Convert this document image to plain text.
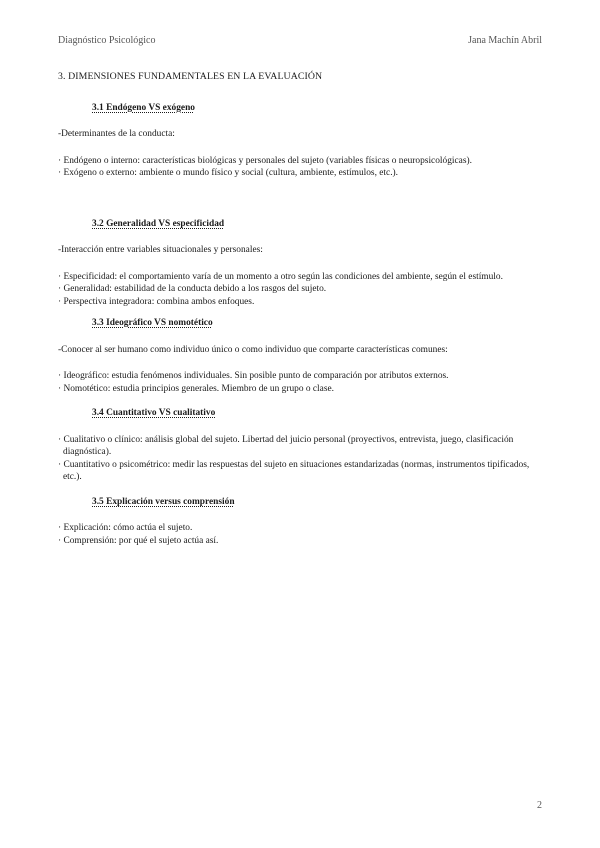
Diagnóstico Psicológico	Jana Machín Abril
3. DIMENSIONES FUNDAMENTALES EN LA EVALUACIÓN
3.1 Endógeno VS exógeno
-Determinantes de la conducta:
· Endógeno o interno: características biológicas y personales del sujeto (variables físicas o neuropsicológicas).
· Exógeno o externo: ambiente o mundo físico y social (cultura, ambiente, estímulos, etc.).
3.2 Generalidad VS especificidad
-Interacción entre variables situacionales y personales:
· Especificidad: el comportamiento varía de un momento a otro según las condiciones del ambiente, según el estímulo.
· Generalidad: estabilidad de la conducta debido a los rasgos del sujeto.
· Perspectiva integradora: combina ambos enfoques.
3.3 Ideográfico VS nomotético
-Conocer al ser humano como individuo único o como individuo que comparte características comunes:
· Ideográfico: estudia fenómenos individuales. Sin posible punto de comparación por atributos externos.
· Nomotético: estudia principios generales. Miembro de un grupo o clase.
3.4 Cuantitativo VS cualitativo
· Cualitativo o clínico: análisis global del sujeto. Libertad del juicio personal (proyectivos, entrevista, juego, clasificación diagnóstica).
· Cuantitativo o psicométrico: medir las respuestas del sujeto en situaciones estandarizadas (normas, instrumentos tipificados, etc.).
3.5 Explicación versus comprensión
· Explicación: cómo actúa el sujeto.
· Comprensión: por qué el sujeto actúa así.
2
